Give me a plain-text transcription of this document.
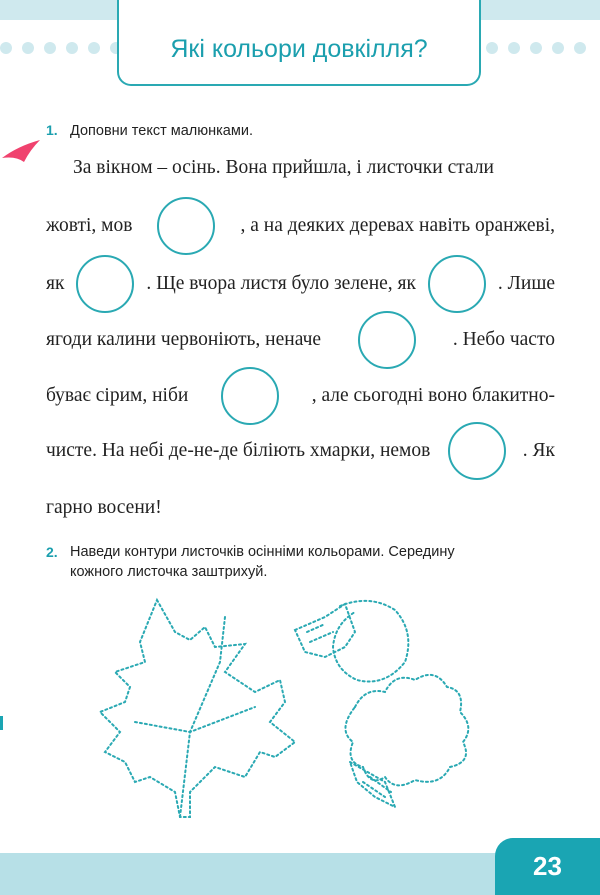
Які кольори довкілля?
1. Доповни текст малюнками.
За вікном – осінь. Вона прийшла, і листочки стали
жовті, мов	, а на деяких деревах навіть оранжеві,
як	. Ще вчора листя було зелене, як	. Лише
ягоди калини червоніють, неначе	. Небо часто
буває сірим, ніби	, але сьогодні воно блакитно-
чисте. На небі де-не-де біліють хмарки, немов	. Як
гарно восени!
2. Наведи контури листочків осінніми кольорами. Середину
кожного листочка заштрихуй.
23
